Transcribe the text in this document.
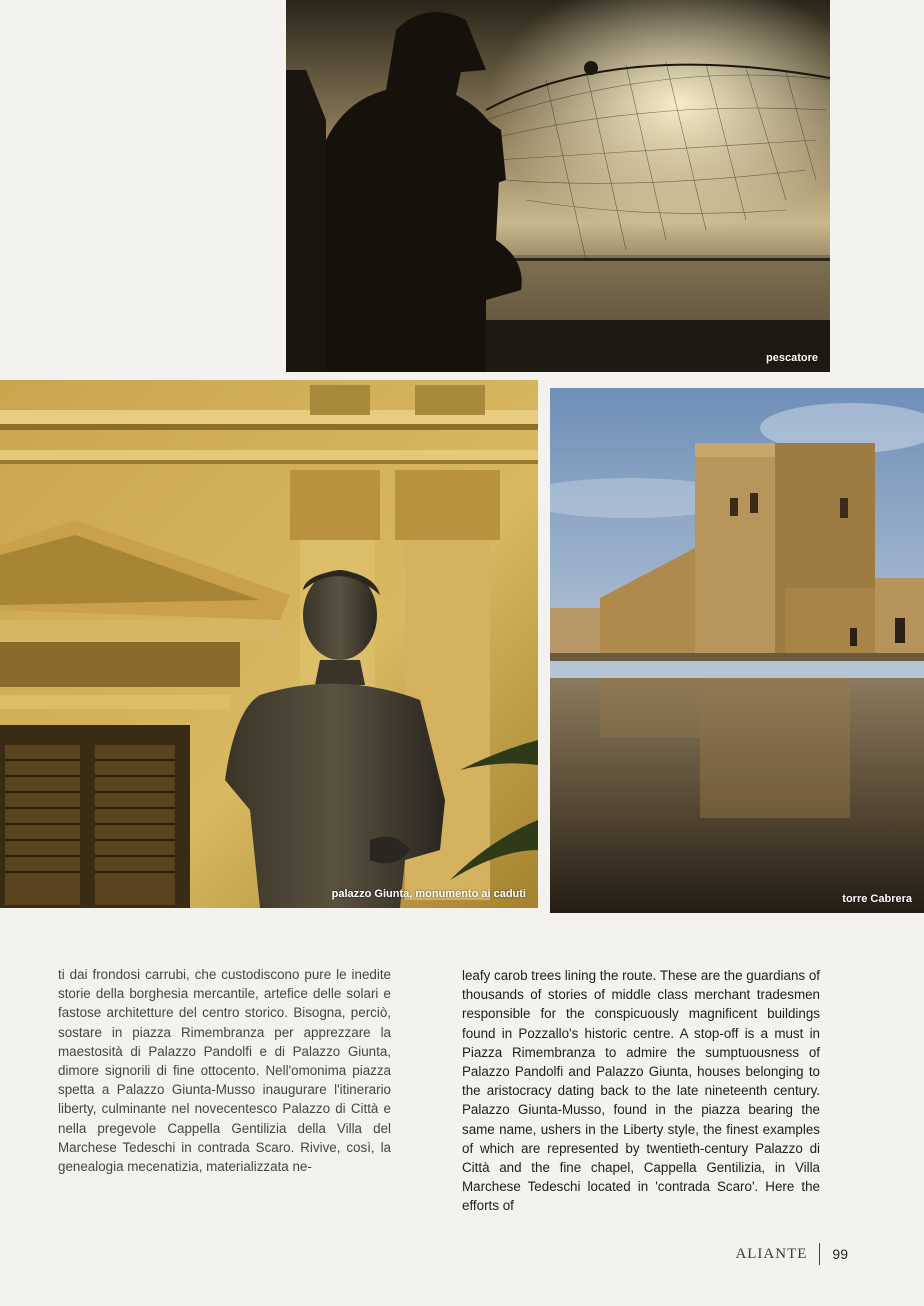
pescatore
palazzo Giunta, monumento ai caduti	torre Cabrera

ti dai frondosi carrubi, che custodiscono pure le inedite storie della borghesia mercantile, artefice delle solari e fastose architetture del centro storico. Bisogna, perciò, sostare in piazza Rimembranza per apprezzare la maestosità di Palazzo Pandolfi e di Palazzo Giunta, dimore signorili di fine ottocento. Nell'omonima piazza spetta a Palazzo Giunta-Musso inaugurare l'itinerario liberty, culminante nel novecentesco Palazzo di Città e nella pregevole Cappella Gentilizia della Villa del Marchese Tedeschi in contrada Scaro. Rivive, così, la genealogia mecenatizia, materializzata ne-

leafy carob trees lining the route. These are the guardians of thousands of stories of middle class merchant tradesmen responsible for the conspicuously magnificent buildings found in Pozzallo's historic centre. A stop-off is a must in Piazza Rimembranza to admire the sumptuousness of Palazzo Pandolfi and Palazzo Giunta, houses belonging to the aristocracy dating back to the late nineteenth century. Palazzo Giunta-Musso, found in the piazza bearing the same name, ushers in the Liberty style, the finest examples of which are represented by twentieth-century Palazzo di Città and the fine chapel, Cappella Gentilizia, in Villa Marchese Tedeschi located in 'contrada Scaro'. Here the efforts of

ALIANTE 99
